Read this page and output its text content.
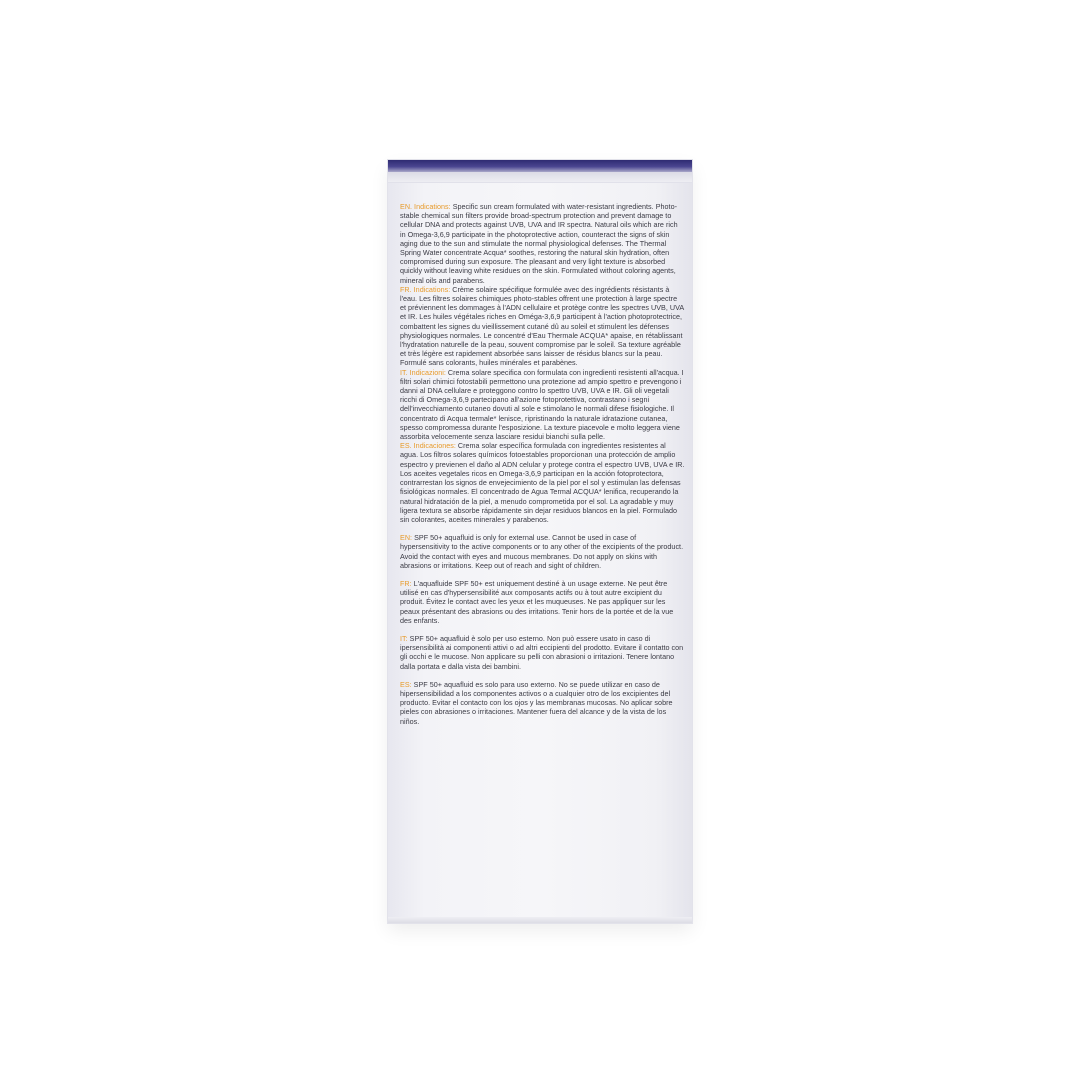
EN. Indications: Specific sun cream formulated with water-resistant ingredients. Photo-stable chemical sun filters provide broad-spectrum protection and prevent damage to cellular DNA and protects against UVB, UVA and IR spectra. Natural oils which are rich in Omega-3,6,9 participate in the photoprotective action, counteract the signs of skin aging due to the sun and stimulate the normal physiological defenses. The Thermal Spring Water concentrate Acqua* soothes, restoring the natural skin hydration, often compromised during sun exposure. The pleasant and very light texture is absorbed quickly without leaving white residues on the skin. Formulated without coloring agents, mineral oils and parabens.

FR. Indications: Crème solaire spécifique formulée avec des ingrédients résistants à l'eau. Les filtres solaires chimiques photo-stables offrent une protection à large spectre et préviennent les dommages à l'ADN cellulaire et protège contre les spectres UVB, UVA et IR. Les huiles végétales riches en Oméga-3,6,9 participent à l'action photoprotectrice, combattent les signes du vieillissement cutané dû au soleil et stimulent les défenses physiologiques normales. Le concentré d'Eau Thermale ACQUA* apaise, en rétablissant l'hydratation naturelle de la peau, souvent compromise par le soleil. Sa texture agréable et très légère est rapidement absorbée sans laisser de résidus blancs sur la peau. Formulé sans colorants, huiles minérales et parabènes.

IT. Indicazioni: Crema solare specifica con formulata con ingredienti resistenti all'acqua. I filtri solari chimici fotostabili permettono una protezione ad ampio spettro e prevengono i danni al DNA cellulare e proteggono contro lo spettro UVB, UVA e IR. Gli oli vegetali ricchi di Omega-3,6,9 partecipano all'azione fotoprotettiva, contrastano i segni dell'invecchiamento cutaneo dovuti al sole e stimolano le normali difese fisiologiche. Il concentrato di Acqua termale* lenisce, ripristinando la naturale idratazione cutanea, spesso compromessa durante l'esposizione. La texture piacevole e molto leggera viene assorbita velocemente senza lasciare residui bianchi sulla pelle.

ES. Indicaciones: Crema solar específica formulada con ingredientes resistentes al agua. Los filtros solares químicos fotoestables proporcionan una protección de amplio espectro y previenen el daño al ADN celular y protege contra el espectro UVB, UVA e IR. Los aceites vegetales ricos en Omega-3,6,9 participan en la acción fotoprotectora, contrarrestan los signos de envejecimiento de la piel por el sol y estimulan las defensas fisiológicas normales. El concentrado de Agua Termal ACQUA* lenifica, recuperando la natural hidratación de la piel, a menudo comprometida por el sol. La agradable y muy ligera textura se absorbe rápidamente sin dejar residuos blancos en la piel. Formulado sin colorantes, aceites minerales y parabenos.

EN: SPF 50+ aquafluid is only for external use. Cannot be used in case of hypersensitivity to the active components or to any other of the excipients of the product. Avoid the contact with eyes and mucous membranes. Do not apply on skins with abrasions or irritations. Keep out of reach and sight of children.

FR: L'aquafluide SPF 50+ est uniquement destiné à un usage externe. Ne peut être utilisé en cas d'hypersensibilité aux composants actifs ou à tout autre excipient du produit. Évitez le contact avec les yeux et les muqueuses. Ne pas appliquer sur les peaux présentant des abrasions ou des irritations. Tenir hors de la portée et de la vue des enfants.

IT: SPF 50+ aquafluid è solo per uso esterno. Non può essere usato in caso di ipersensibilità ai componenti attivi o ad altri eccipienti del prodotto. Evitare il contatto con gli occhi e le mucose. Non applicare su pelli con abrasioni o irritazioni. Tenere lontano dalla portata e dalla vista dei bambini.

ES: SPF 50+ aquafluid es solo para uso externo. No se puede utilizar en caso de hipersensibilidad a los componentes activos o a cualquier otro de los excipientes del producto. Evitar el contacto con los ojos y las membranas mucosas. No aplicar sobre pieles con abrasiones o irritaciones. Mantener fuera del alcance y de la vista de los niños.
